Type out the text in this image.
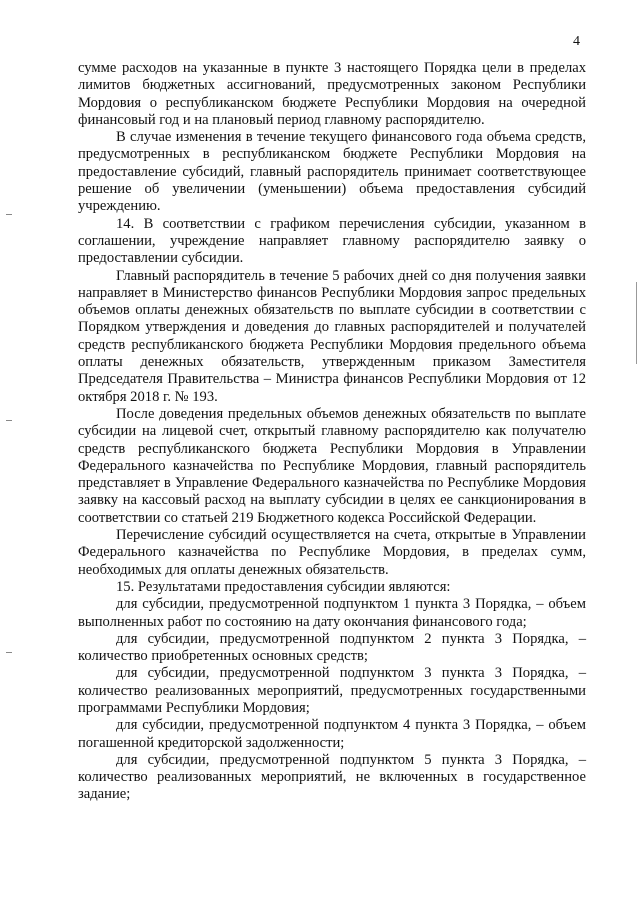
4

сумме расходов на указанные в пункте 3 настоящего Порядка цели в пределах лимитов бюджетных ассигнований, предусмотренных законом Республики Мордовия о республиканском бюджете Республики Мордовия на очередной финансовый год и на плановый период главному распорядителю.

В случае изменения в течение текущего финансового года объема средств, предусмотренных в республиканском бюджете Республики Мордовия на предоставление субсидий, главный распорядитель принимает соответствующее решение об увеличении (уменьшении) объема предоставления субсидий учреждению.

14. В соответствии с графиком перечисления субсидии, указанном в соглашении, учреждение направляет главному распорядителю заявку о предоставлении субсидии.

Главный распорядитель в течение 5 рабочих дней со дня получения заявки направляет в Министерство финансов Республики Мордовия запрос предельных объемов оплаты денежных обязательств по выплате субсидии в соответствии с Порядком утверждения и доведения до главных распорядителей и получателей средств республиканского бюджета Республики Мордовия предельного объема оплаты денежных обязательств, утвержденным приказом Заместителя Председателя Правительства – Министра финансов Республики Мордовия от 12 октября 2018 г. № 193.

После доведения предельных объемов денежных обязательств по выплате субсидии на лицевой счет, открытый главному распорядителю как получателю средств республиканского бюджета Республики Мордовия в Управлении Федерального казначейства по Республике Мордовия, главный распорядитель представляет в Управление Федерального казначейства по Республике Мордовия заявку на кассовый расход на выплату субсидии в целях ее санкционирования в соответствии со статьей 219 Бюджетного кодекса Российской Федерации.

Перечисление субсидий осуществляется на счета, открытые в Управлении Федерального казначейства по Республике Мордовия, в пределах сумм, необходимых для оплаты денежных обязательств.

15. Результатами предоставления субсидии являются:

для субсидии, предусмотренной подпунктом 1 пункта 3 Порядка, – объем выполненных работ по состоянию на дату окончания финансового года;

для субсидии, предусмотренной подпунктом 2 пункта 3 Порядка, – количество приобретенных основных средств;

для субсидии, предусмотренной подпунктом 3 пункта 3 Порядка, – количество реализованных мероприятий, предусмотренных государственными программами Республики Мордовия;

для субсидии, предусмотренной подпунктом 4 пункта 3 Порядка, – объем погашенной кредиторской задолженности;

для субсидии, предусмотренной подпунктом 5 пункта 3 Порядка, – количество реализованных мероприятий, не включенных в государственное задание;
